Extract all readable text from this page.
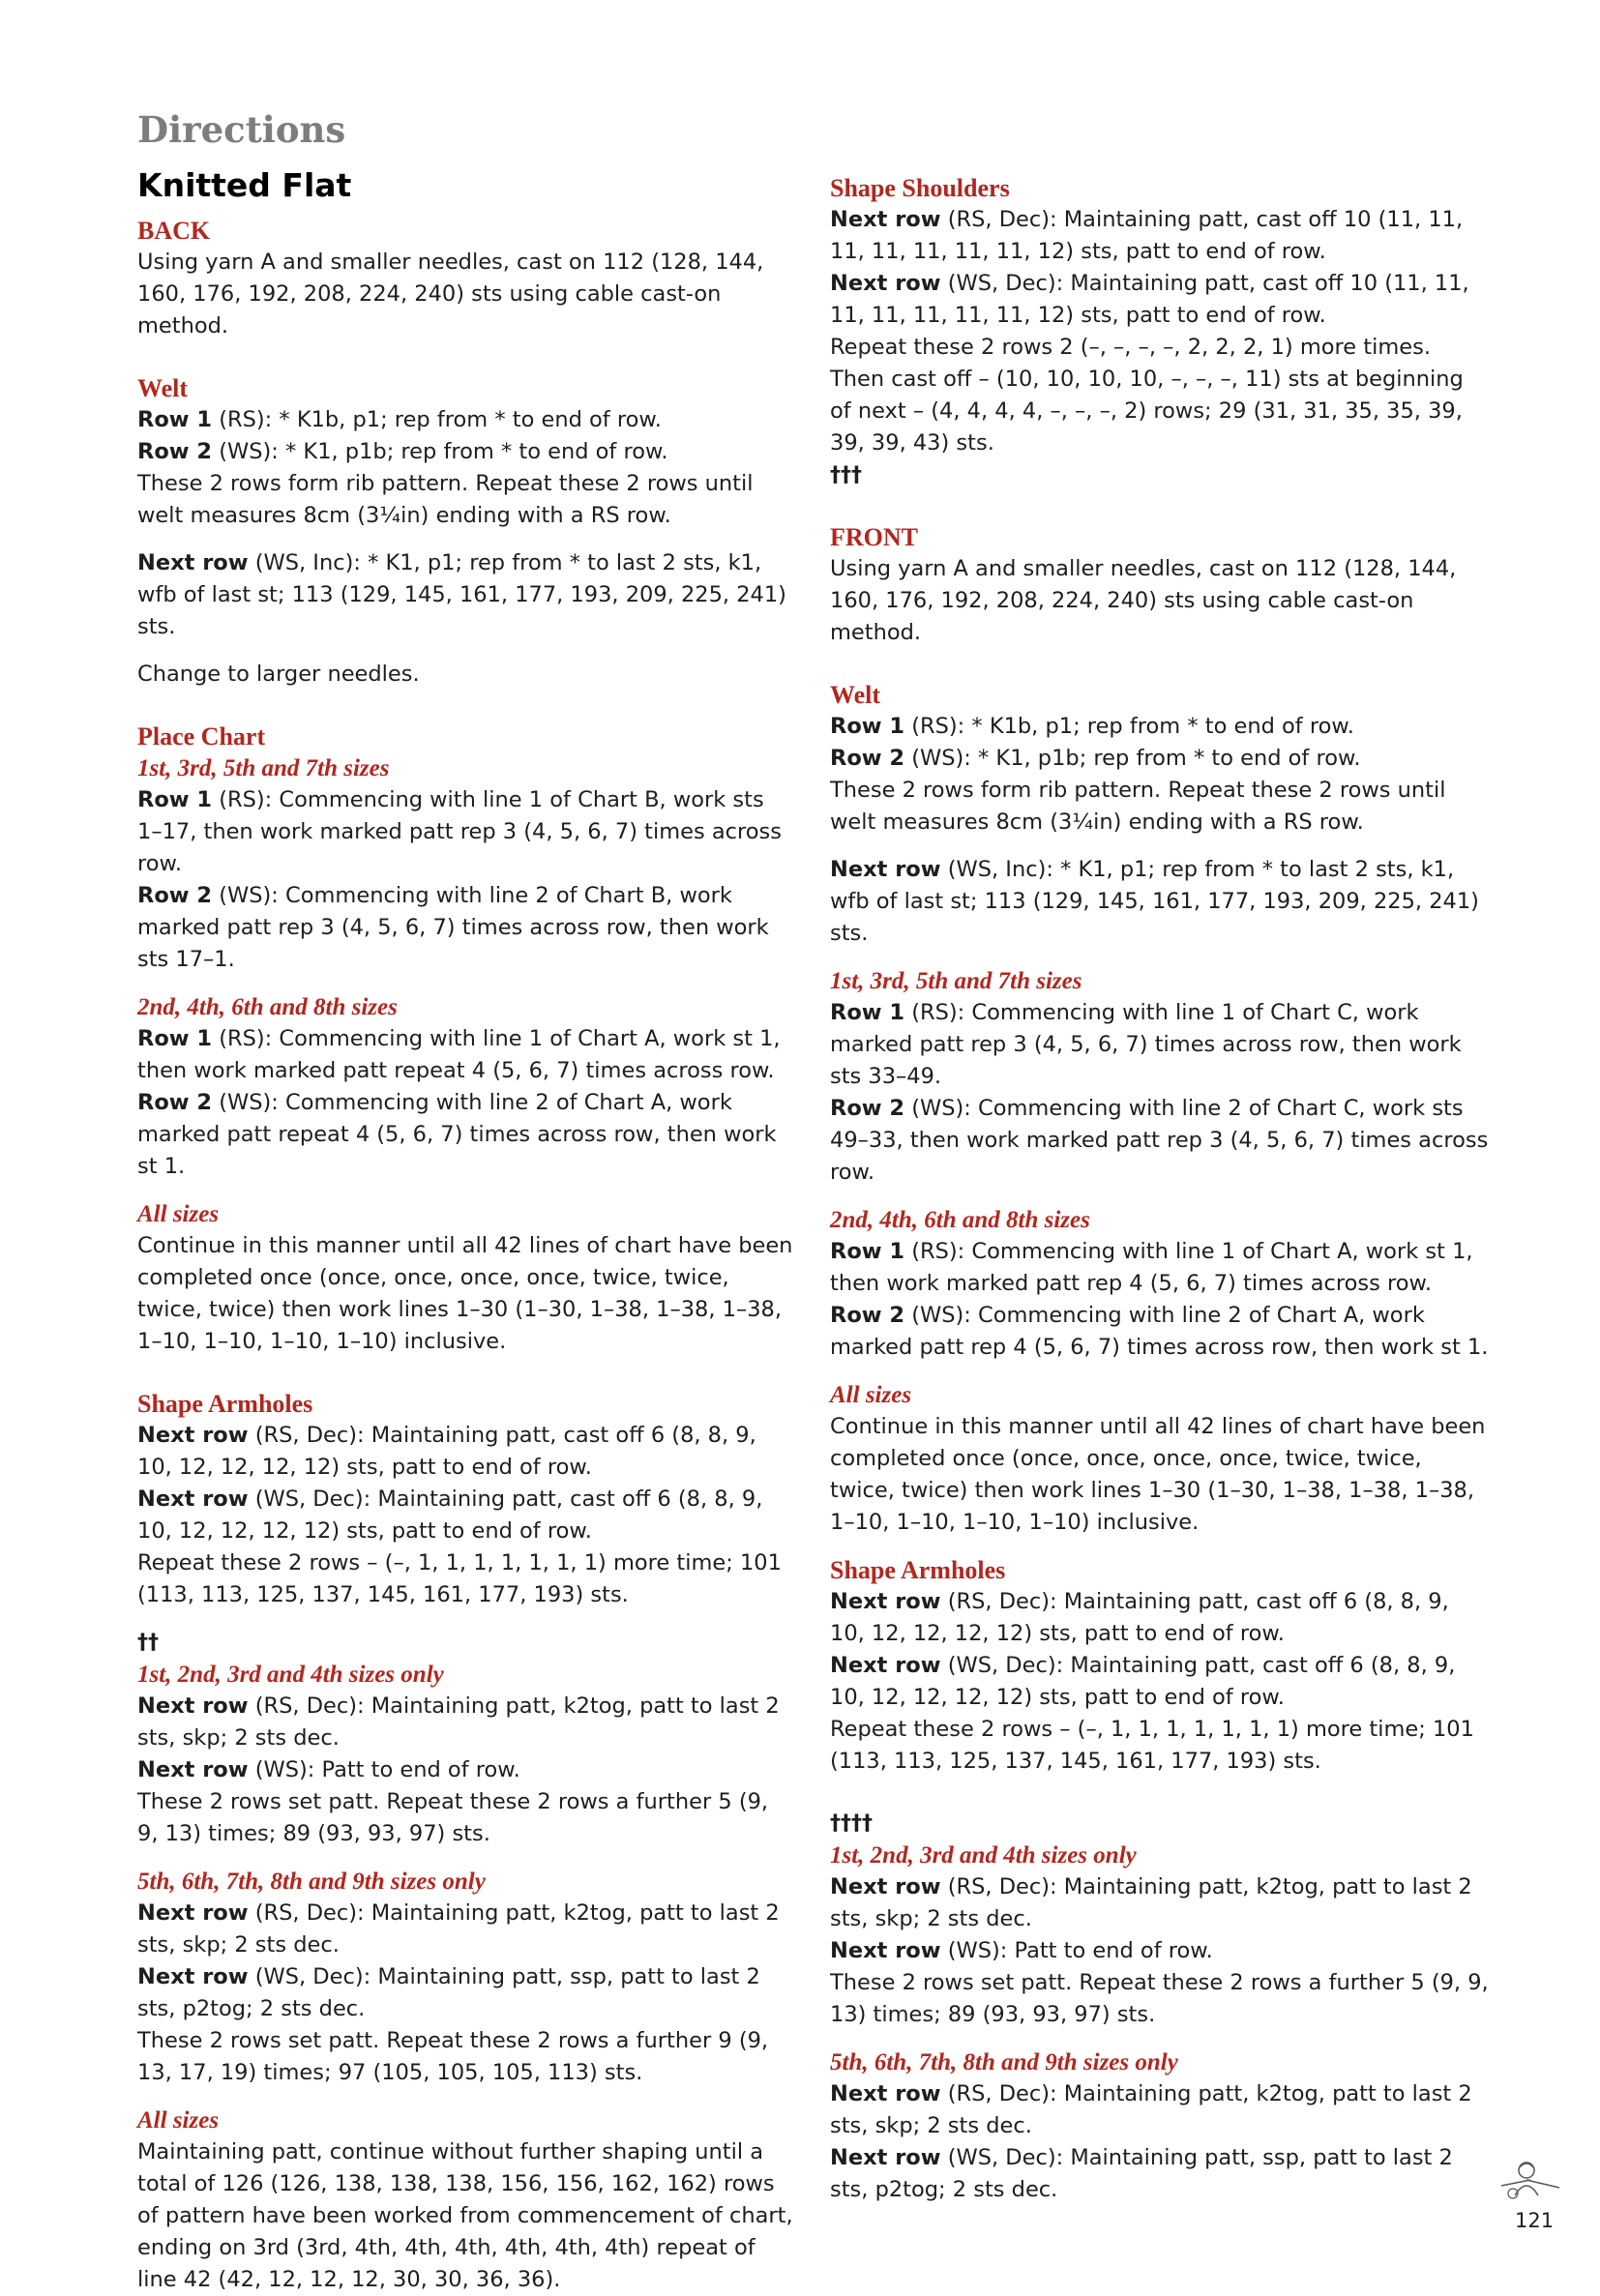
Directions
Knitted Flat
BACK
Using yarn A and smaller needles, cast on 112 (128, 144, 160, 176, 192, 208, 224, 240) sts using cable cast-on method.
Welt
Row 1 (RS): * K1b, p1; rep from * to end of row.
Row 2 (WS): * K1, p1b; rep from * to end of row.
These 2 rows form rib pattern. Repeat these 2 rows until welt measures 8cm (3¼in) ending with a RS row.
Next row (WS, Inc): * K1, p1; rep from * to last 2 sts, k1, wfb of last st; 113 (129, 145, 161, 177, 193, 209, 225, 241) sts.
Change to larger needles.
Place Chart
1st, 3rd, 5th and 7th sizes
Row 1 (RS): Commencing with line 1 of Chart B, work sts 1–17, then work marked patt rep 3 (4, 5, 6, 7) times across row.
Row 2 (WS): Commencing with line 2 of Chart B, work marked patt rep 3 (4, 5, 6, 7) times across row, then work sts 17–1.
2nd, 4th, 6th and 8th sizes
Row 1 (RS): Commencing with line 1 of Chart A, work st 1, then work marked patt repeat 4 (5, 6, 7) times across row.
Row 2 (WS): Commencing with line 2 of Chart A, work marked patt repeat 4 (5, 6, 7) times across row, then work st 1.
All sizes
Continue in this manner until all 42 lines of chart have been completed once (once, once, once, once, twice, twice, twice, twice) then work lines 1–30 (1–30, 1–38, 1–38, 1–38, 1–10, 1–10, 1–10, 1–10) inclusive.
Shape Armholes
Next row (RS, Dec): Maintaining patt, cast off 6 (8, 8, 9, 10, 12, 12, 12, 12) sts, patt to end of row.
Next row (WS, Dec): Maintaining patt, cast off 6 (8, 8, 9, 10, 12, 12, 12, 12) sts, patt to end of row.
Repeat these 2 rows – (–, 1, 1, 1, 1, 1, 1, 1) more time; 101 (113, 113, 125, 137, 145, 161, 177, 193) sts.
††
1st, 2nd, 3rd and 4th sizes only
Next row (RS, Dec): Maintaining patt, k2tog, patt to last 2 sts, skp; 2 sts dec.
Next row (WS): Patt to end of row.
These 2 rows set patt. Repeat these 2 rows a further 5 (9, 9, 13) times; 89 (93, 93, 97) sts.
5th, 6th, 7th, 8th and 9th sizes only
Next row (RS, Dec): Maintaining patt, k2tog, patt to last 2 sts, skp; 2 sts dec.
Next row (WS, Dec): Maintaining patt, ssp, patt to last 2 sts, p2tog; 2 sts dec.
These 2 rows set patt. Repeat these 2 rows a further 9 (9, 13, 17, 19) times; 97 (105, 105, 105, 113) sts.
All sizes
Maintaining patt, continue without further shaping until a total of 126 (126, 138, 138, 138, 156, 156, 162, 162) rows of pattern have been worked from commencement of chart, ending on 3rd (3rd, 4th, 4th, 4th, 4th, 4th, 4th) repeat of line 42 (42, 12, 12, 12, 30, 30, 36, 36).
Shape Shoulders
Next row (RS, Dec): Maintaining patt, cast off 10 (11, 11, 11, 11, 11, 11, 11, 12) sts, patt to end of row.
Next row (WS, Dec): Maintaining patt, cast off 10 (11, 11, 11, 11, 11, 11, 11, 12) sts, patt to end of row.
Repeat these 2 rows 2 (–, –, –, –, 2, 2, 2, 1) more times. Then cast off – (10, 10, 10, 10, –, –, –, 11) sts at beginning of next – (4, 4, 4, 4, –, –, –, 2) rows; 29 (31, 31, 35, 35, 39, 39, 39, 43) sts.
†††
FRONT
Using yarn A and smaller needles, cast on 112 (128, 144, 160, 176, 192, 208, 224, 240) sts using cable cast-on method.
Welt
Row 1 (RS): * K1b, p1; rep from * to end of row.
Row 2 (WS): * K1, p1b; rep from * to end of row.
These 2 rows form rib pattern. Repeat these 2 rows until welt measures 8cm (3¼in) ending with a RS row.
Next row (WS, Inc): * K1, p1; rep from * to last 2 sts, k1, wfb of last st; 113 (129, 145, 161, 177, 193, 209, 225, 241) sts.
1st, 3rd, 5th and 7th sizes
Row 1 (RS): Commencing with line 1 of Chart C, work marked patt rep 3 (4, 5, 6, 7) times across row, then work sts 33–49.
Row 2 (WS): Commencing with line 2 of Chart C, work sts 49–33, then work marked patt rep 3 (4, 5, 6, 7) times across row.
2nd, 4th, 6th and 8th sizes
Row 1 (RS): Commencing with line 1 of Chart A, work st 1, then work marked patt rep 4 (5, 6, 7) times across row.
Row 2 (WS): Commencing with line 2 of Chart A, work marked patt rep 4 (5, 6, 7) times across row, then work st 1.
All sizes
Continue in this manner until all 42 lines of chart have been completed once (once, once, once, once, twice, twice, twice, twice) then work lines 1–30 (1–30, 1–38, 1–38, 1–38, 1–10, 1–10, 1–10, 1–10) inclusive.
Shape Armholes
Next row (RS, Dec): Maintaining patt, cast off 6 (8, 8, 9, 10, 12, 12, 12, 12) sts, patt to end of row.
Next row (WS, Dec): Maintaining patt, cast off 6 (8, 8, 9, 10, 12, 12, 12, 12) sts, patt to end of row.
Repeat these 2 rows – (–, 1, 1, 1, 1, 1, 1, 1) more time; 101 (113, 113, 125, 137, 145, 161, 177, 193) sts.
††††
1st, 2nd, 3rd and 4th sizes only
Next row (RS, Dec): Maintaining patt, k2tog, patt to last 2 sts, skp; 2 sts dec.
Next row (WS): Patt to end of row.
These 2 rows set patt. Repeat these 2 rows a further 5 (9, 9, 13) times; 89 (93, 93, 97) sts.
5th, 6th, 7th, 8th and 9th sizes only
Next row (RS, Dec): Maintaining patt, k2tog, patt to last 2 sts, skp; 2 sts dec.
Next row (WS, Dec): Maintaining patt, ssp, patt to last 2 sts, p2tog; 2 sts dec.
121
